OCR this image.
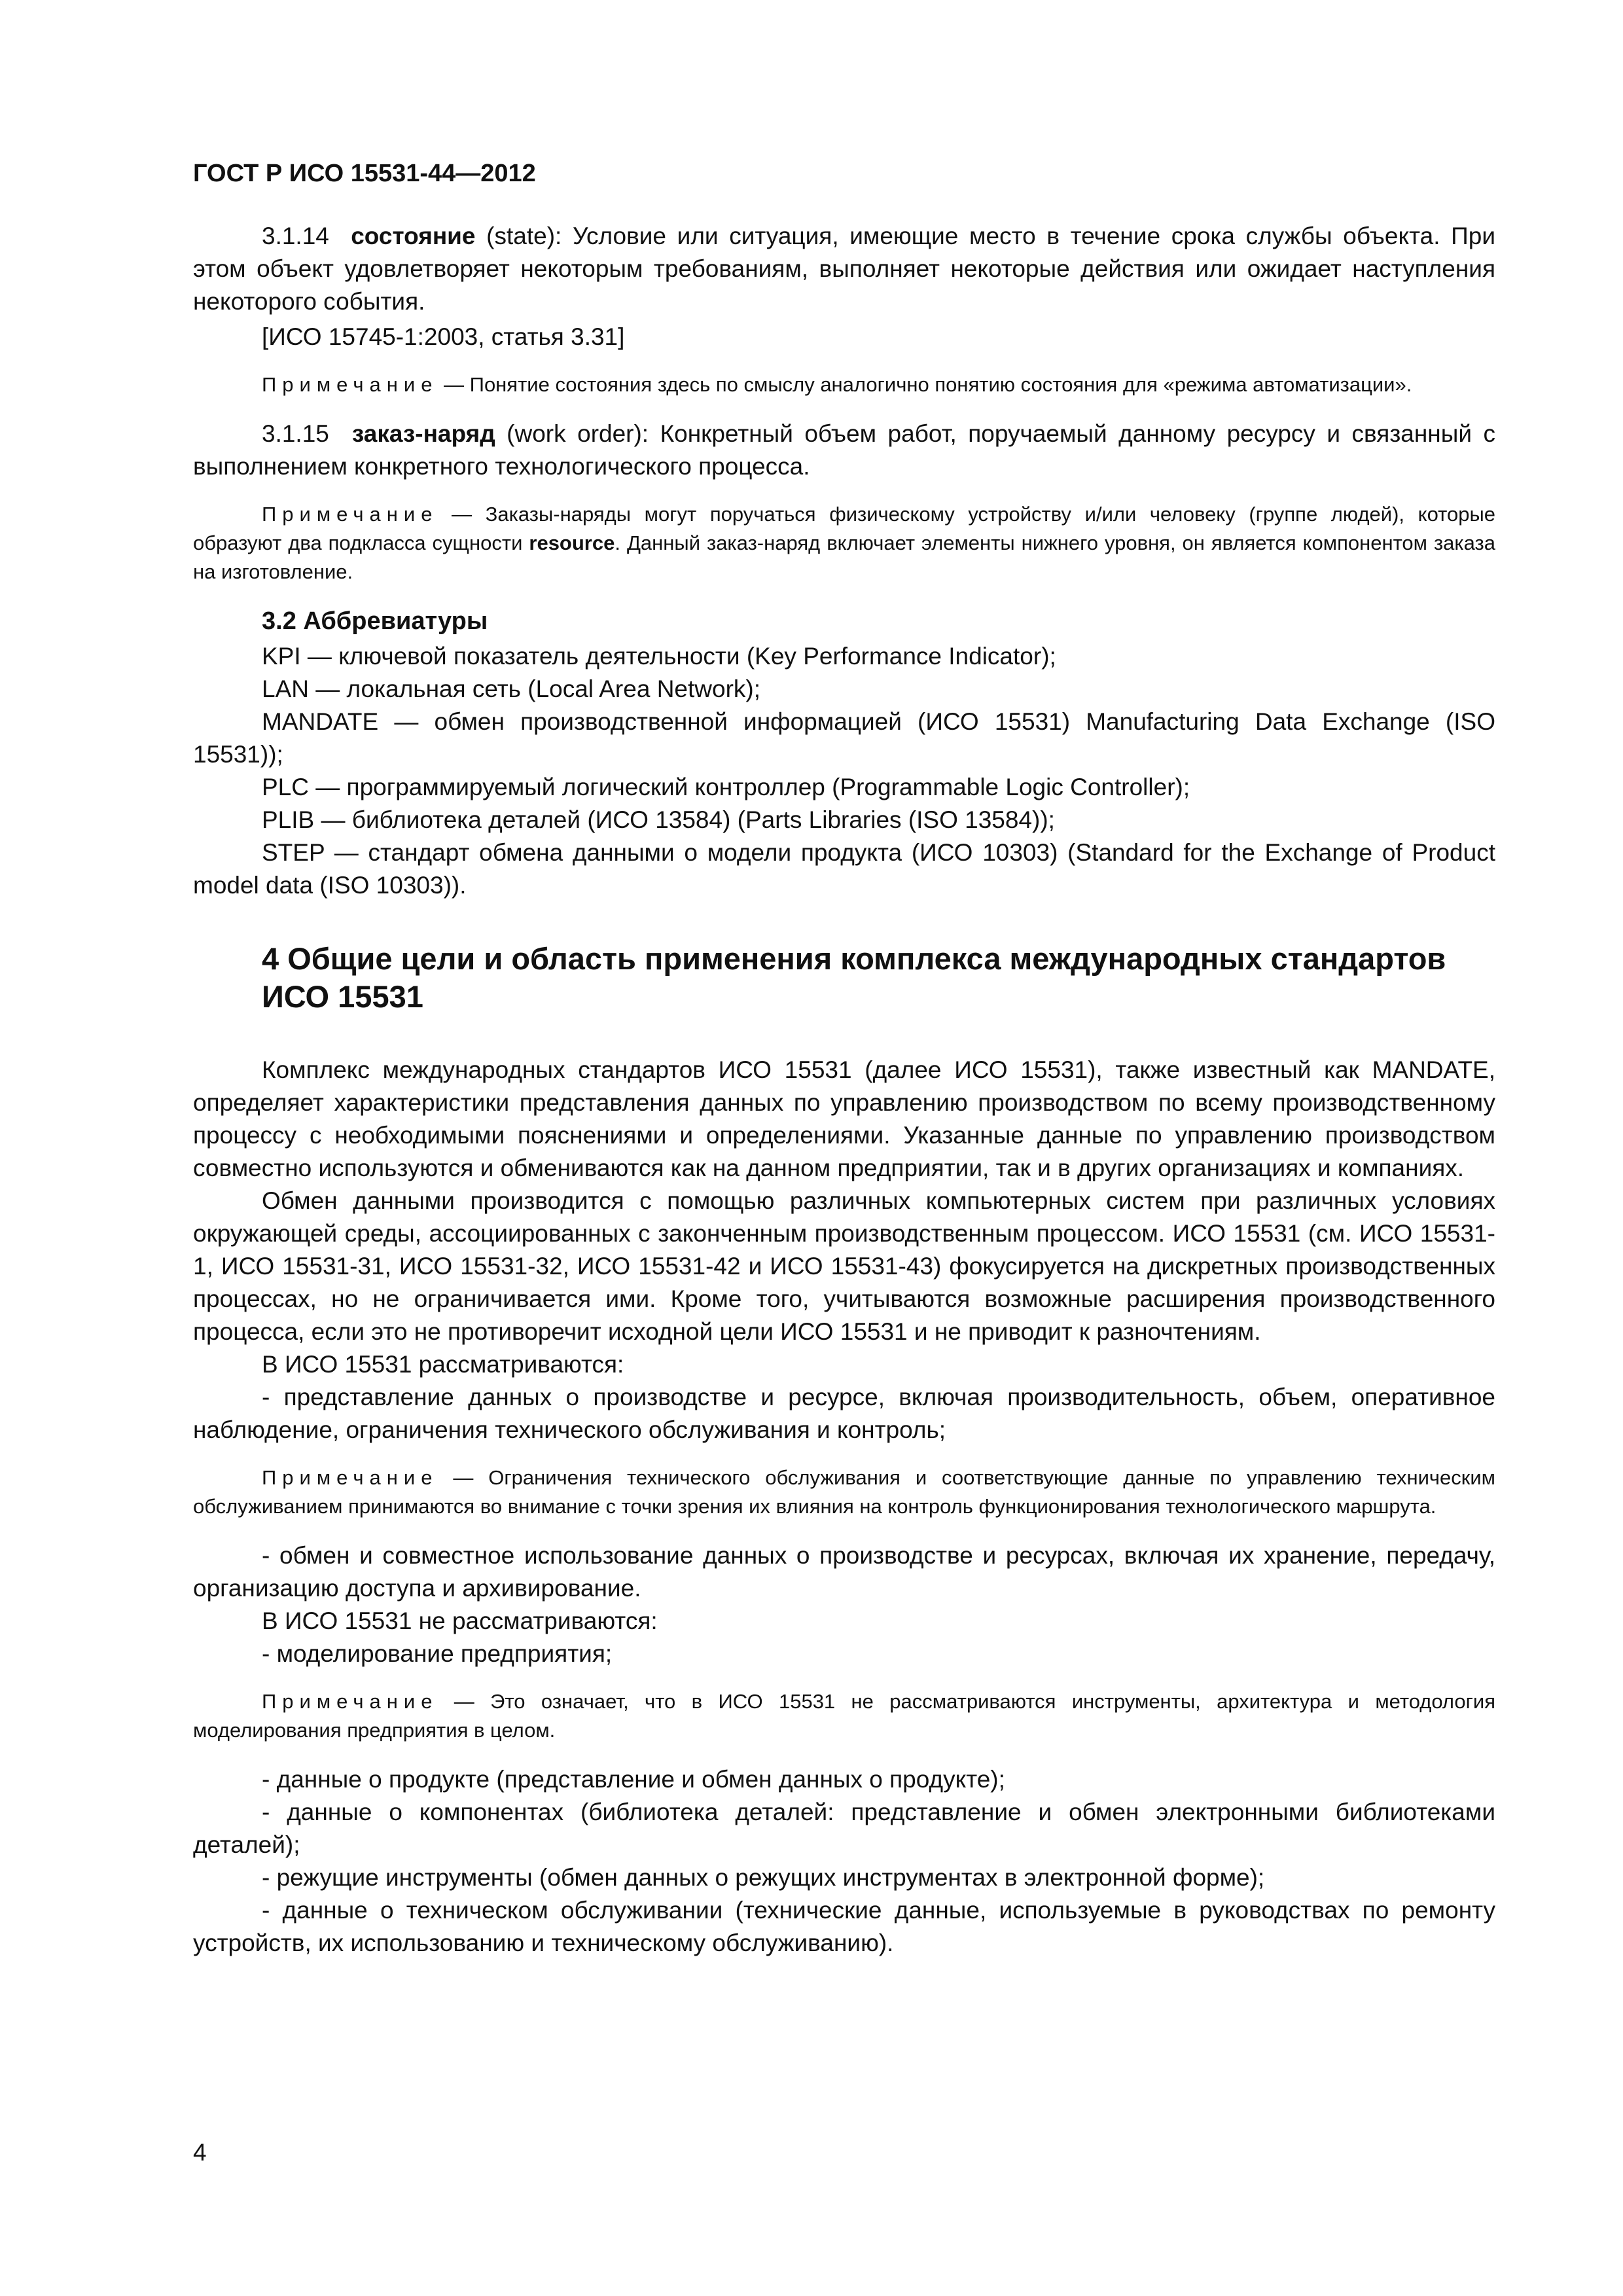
ГОСТ Р ИСО 15531-44—2012

3.1.14 состояние (state): Условие или ситуация, имеющие место в течение срока службы объекта. При этом объект удовлетворяет некоторым требованиям, выполняет некоторые действия или ожидает наступления некоторого события.

[ИСО 15745-1:2003, статья 3.31]

Примечание — Понятие состояния здесь по смыслу аналогично понятию состояния для «режима автоматизации».

3.1.15 заказ-наряд (work order): Конкретный объем работ, поручаемый данному ресурсу и связанный с выполнением конкретного технологического процесса.

Примечание — Заказы-наряды могут поручаться физическому устройству и/или человеку (группе людей), которые образуют два подкласса сущности resource. Данный заказ-наряд включает элементы нижнего уровня, он является компонентом заказа на изготовление.

3.2 Аббревиатуры

KPI — ключевой показатель деятельности (Key Performance Indicator);

LAN — локальная сеть (Local Area Network);

MANDATE — обмен производственной информацией (ИСО 15531) Manufacturing Data Exchange (ISO 15531));

PLC — программируемый логический контроллер (Programmable Logic Controller);

PLIB — библиотека деталей (ИСО 13584) (Parts Libraries (ISO 13584));

STEP — стандарт обмена данными о модели продукта (ИСО 10303) (Standard for the Exchange of Product model data (ISO 10303)).

4 Общие цели и область применения комплекса международных стандартов ИСО 15531

Комплекс международных стандартов ИСО 15531 (далее ИСО 15531), также известный как MANDATE, определяет характеристики представления данных по управлению производством по всему производственному процессу с необходимыми пояснениями и определениями. Указанные данные по управлению производством совместно используются и обмениваются как на данном предприятии, так и в других организациях и компаниях.

Обмен данными производится с помощью различных компьютерных систем при различных условиях окружающей среды, ассоциированных с законченным производственным процессом. ИСО 15531 (см. ИСО 15531-1, ИСО 15531-31, ИСО 15531-32, ИСО 15531-42 и ИСО 15531-43) фокусируется на дискретных производственных процессах, но не ограничивается ими. Кроме того, учитываются возможные расширения производственного процесса, если это не противоречит исходной цели ИСО 15531 и не приводит к разночтениям.

В ИСО 15531 рассматриваются:

- представление данных о производстве и ресурсе, включая производительность, объем, оперативное наблюдение, ограничения технического обслуживания и контроль;

Примечание — Ограничения технического обслуживания и соответствующие данные по управлению техническим обслуживанием принимаются во внимание с точки зрения их влияния на контроль функционирования технологического маршрута.

- обмен и совместное использование данных о производстве и ресурсах, включая их хранение, передачу, организацию доступа и архивирование.

В ИСО 15531 не рассматриваются:

- моделирование предприятия;

Примечание — Это означает, что в ИСО 15531 не рассматриваются инструменты, архитектура и методология моделирования предприятия в целом.

- данные о продукте (представление и обмен данных о продукте);

- данные о компонентах (библиотека деталей: представление и обмен электронными библиотеками деталей);

- режущие инструменты (обмен данных о режущих инструментах в электронной форме);

- данные о техническом обслуживании (технические данные, используемые в руководствах по ремонту устройств, их использованию и техническому обслуживанию).

4
